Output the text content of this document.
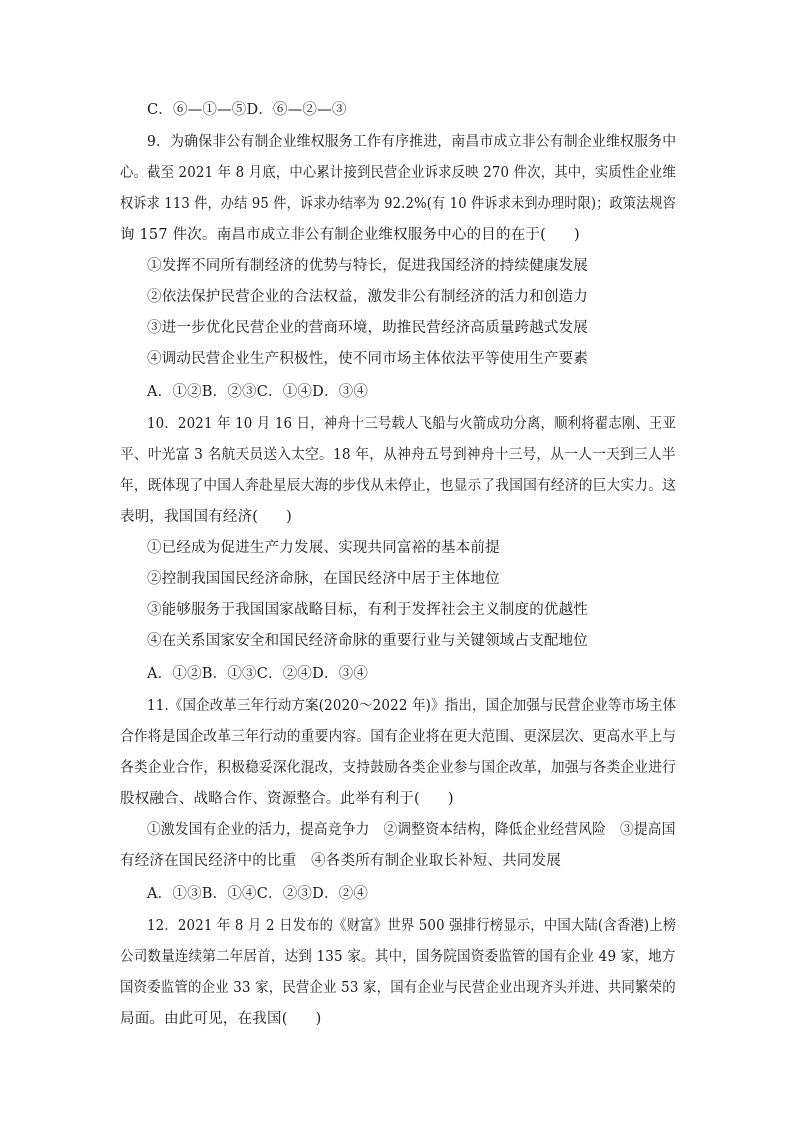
C．⑥—①—⑤D．⑥—②—③
9．为确保非公有制企业维权服务工作有序推进，南昌市成立非公有制企业维权服务中
心。截至 2021 年 8 月底，中心累计接到民营企业诉求反映 270 件次，其中，实质性企业维
权诉求 113 件，办结 95 件，诉求办结率为 92.2%(有 10 件诉求未到办理时限)；政策法规咨
询 157 件次。南昌市成立非公有制企业维权服务中心的目的在于( )
①发挥不同所有制经济的优势与特长，促进我国经济的持续健康发展
②依法保护民营企业的合法权益，激发非公有制经济的活力和创造力
③进一步优化民营企业的营商环境，助推民营经济高质量跨越式发展
④调动民营企业生产积极性，使不同市场主体依法平等使用生产要素
A．①②B．②③C．①④D．③④
10．2021 年 10 月 16 日，神舟十三号载人飞船与火箭成功分离，顺利将翟志刚、王亚
平、叶光富 3 名航天员送入太空。18 年，从神舟五号到神舟十三号，从一人一天到三人半
年，既体现了中国人奔赴星辰大海的步伐从未停止，也显示了我国国有经济的巨大实力。这
表明，我国国有经济( )
①已经成为促进生产力发展、实现共同富裕的基本前提
②控制我国国民经济命脉，在国民经济中居于主体地位
③能够服务于我国国家战略目标，有利于发挥社会主义制度的优越性
④在关系国家安全和国民经济命脉的重要行业与关键领域占支配地位
A．①②B．①③C．②④D．③④
11.《国企改革三年行动方案(2020～2022 年)》指出，国企加强与民营企业等市场主体
合作将是国企改革三年行动的重要内容。国有企业将在更大范围、更深层次、更高水平上与
各类企业合作，积极稳妥深化混改，支持鼓励各类企业参与国企改革，加强与各类企业进行
股权融合、战略合作、资源整合。此举有利于( )
①激发国有企业的活力，提高竞争力　②调整资本结构，降低企业经营风险　③提高国
有经济在国民经济中的比重　④各类所有制企业取长补短、共同发展
A．①③B．①④C．②③D．②④
12．2021 年 8 月 2 日发布的《财富》世界 500 强排行榜显示，中国大陆(含香港)上榜
公司数量连续第二年居首，达到 135 家。其中，国务院国资委监管的国有企业 49 家，地方
国资委监管的企业 33 家，民营企业 53 家，国有企业与民营企业出现齐头并进、共同繁荣的
局面。由此可见，在我国( )
